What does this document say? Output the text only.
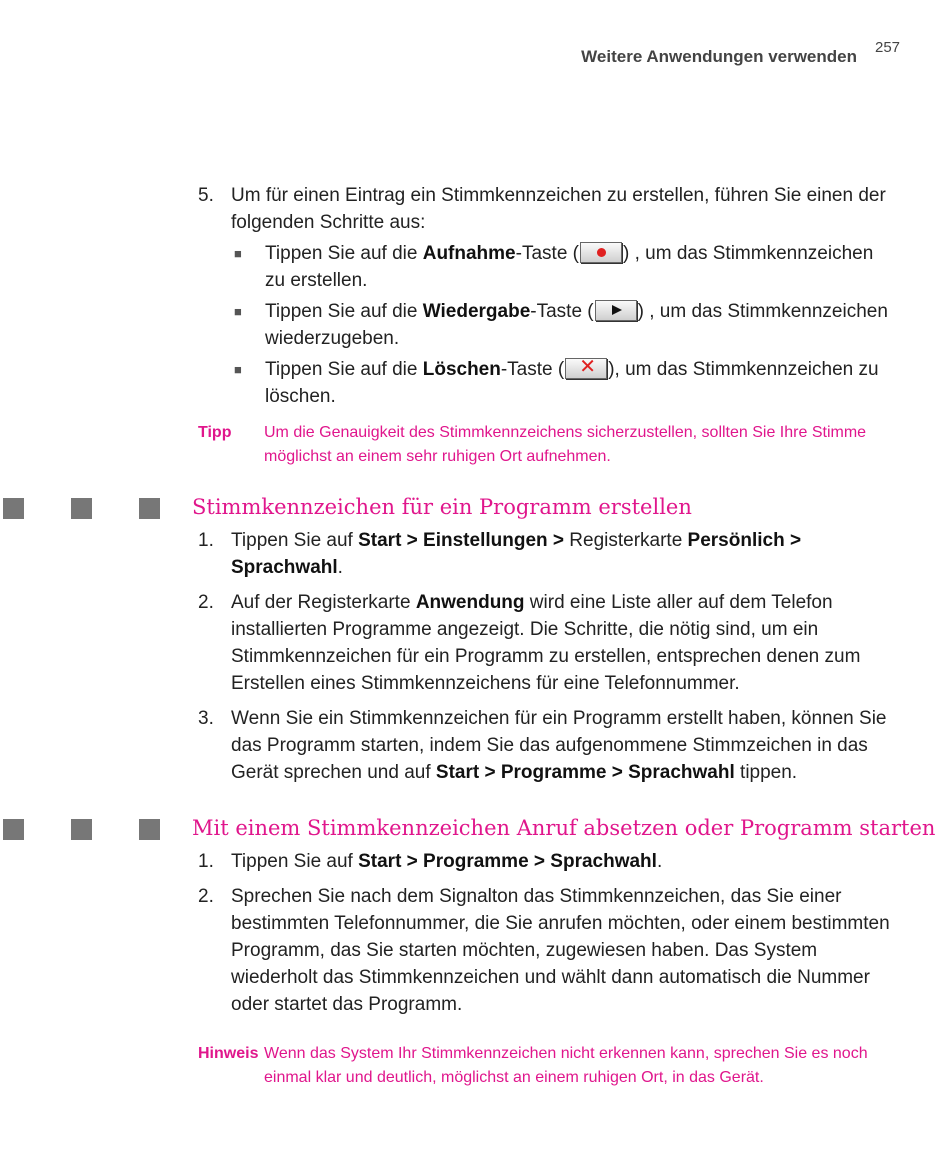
Weitere Anwendungen verwenden 257
5. Um für einen Eintrag ein Stimmkennzeichen zu erstellen, führen Sie einen der folgenden Schritte aus:
■ Tippen Sie auf die Aufnahme-Taste ( ) , um das Stimmkennzeichen zu erstellen.
■ Tippen Sie auf die Wiedergabe-Taste ( ) , um das Stimmkennzeichen wiederzugeben.
■ Tippen Sie auf die Löschen-Taste ( ✕ ), um das Stimmkennzeichen zu löschen.
Tipp	Um die Genauigkeit des Stimmkennzeichens sicherzustellen, sollten Sie Ihre Stimme möglichst an einem sehr ruhigen Ort aufnehmen.
Stimmkennzeichen für ein Programm erstellen
1. Tippen Sie auf Start > Einstellungen > Registerkarte Persönlich > Sprachwahl.
2. Auf der Registerkarte Anwendung wird eine Liste aller auf dem Telefon installierten Programme angezeigt. Die Schritte, die nötig sind, um ein Stimmkennzeichen für ein Programm zu erstellen, entsprechen denen zum Erstellen eines Stimmkennzeichens für eine Telefonnummer.
3. Wenn Sie ein Stimmkennzeichen für ein Programm erstellt haben, können Sie das Programm starten, indem Sie das aufgenommene Stimmzeichen in das Gerät sprechen und auf Start > Programme > Sprachwahl tippen.
Mit einem Stimmkennzeichen Anruf absetzen oder Programm starten
1. Tippen Sie auf Start > Programme > Sprachwahl.
2. Sprechen Sie nach dem Signalton das Stimmkennzeichen, das Sie einer bestimmten Telefonnummer, die Sie anrufen möchten, oder einem bestimmten Programm, das Sie starten möchten, zugewiesen haben. Das System wiederholt das Stimmkennzeichen und wählt dann automatisch die Nummer oder startet das Programm.
Hinweis Wenn das System Ihr Stimmkennzeichen nicht erkennen kann, sprechen Sie es noch einmal klar und deutlich, möglichst an einem ruhigen Ort, in das Gerät.
